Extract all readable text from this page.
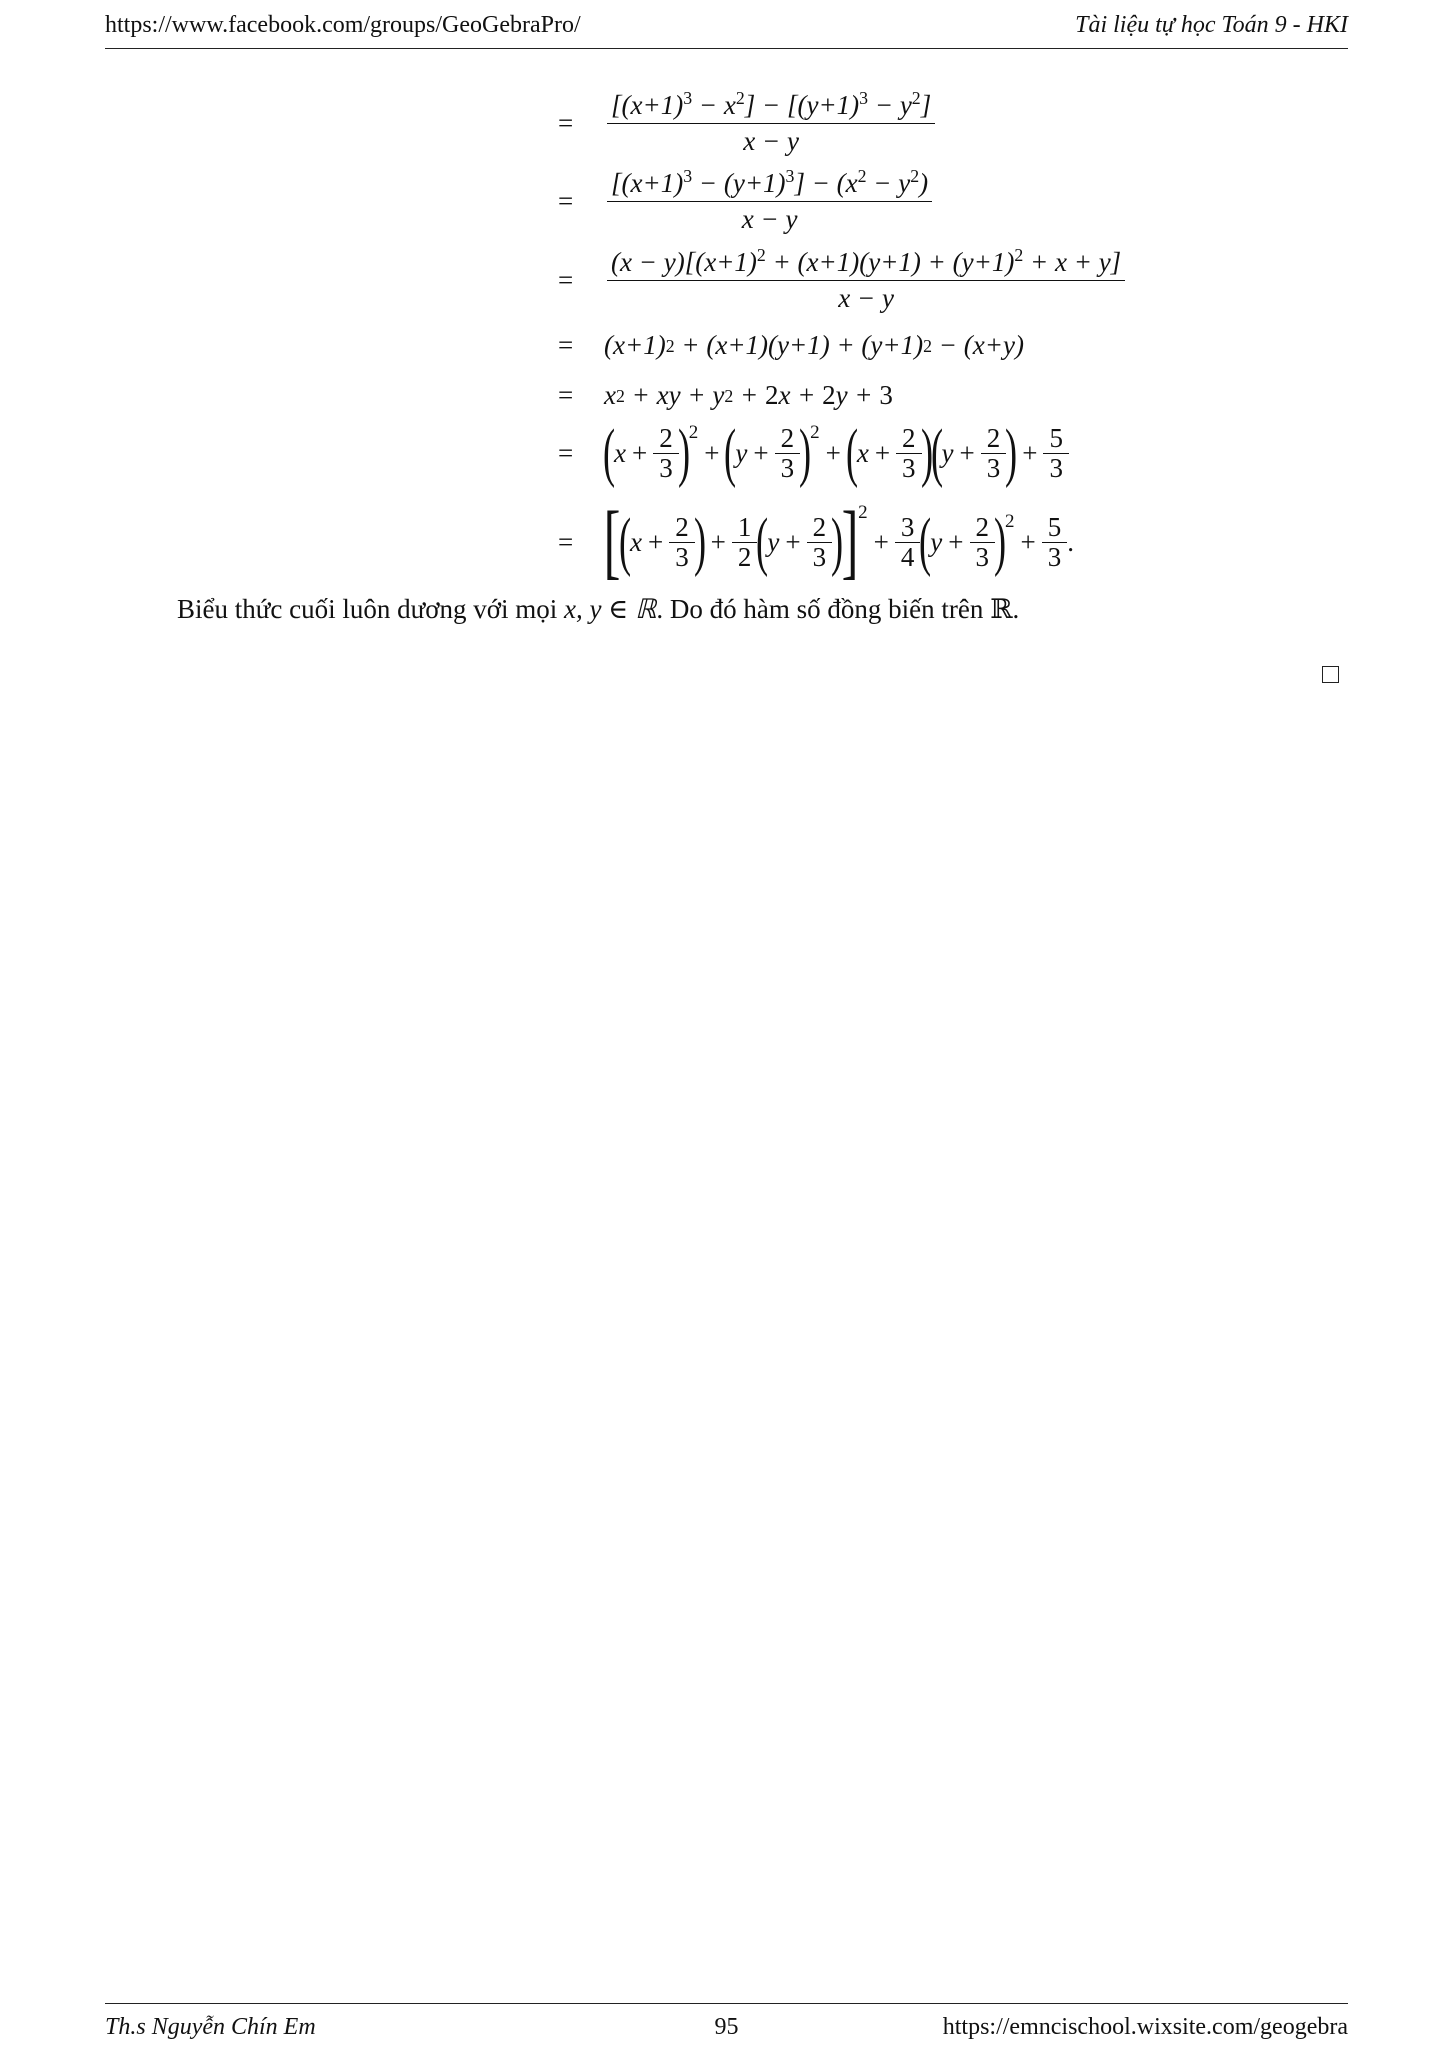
https://www.facebook.com/groups/GeoGebraPro/	Tài liệu tự học Toán 9 - HKI
=	$\frac{[(x+1)^3 - x^2] - [(y+1)^3 - y^2]}{x - y}$
=	$\frac{[(x+1)^3 - (y+1)^3] - (x^2 - y^2)}{x - y}$
=	$\frac{(x - y)[(x+1)^2 + (x+1)(y+1) + (y+1)^2 + x + y]}{x - y}$
=	( x +1) 2 + ( x +1)( y +1) + ( y +1) 2 − ( x + y )
=	x 2 + xy + y 2 + 2 x + 2 y + 3
= (
$x + \frac{2}{3}$ )
2
+ (
$y + \frac{2}{3}$ )
2
+ (
$x + \frac{2}{3}$ )
(
$y + \frac{2}{3}$ ) + $\frac{5}{3}$
= [
(
$x + \frac{2}{3}$ ) + $\frac{1}{2}$ (
$y + \frac{2}{3}$ )
] 2
+ $\frac{3}{4}$ (
$y + \frac{2}{3}$ )
2
+ $\frac{5}{3}$ .
Biểu thức cuối luôn dương với mọi x, y ∈ ℝ. Do đó hàm số đồng biến trên ℝ.
Th.s Nguyễn Chín Em	95	https://emncischool.wixsite.com/geogebra
